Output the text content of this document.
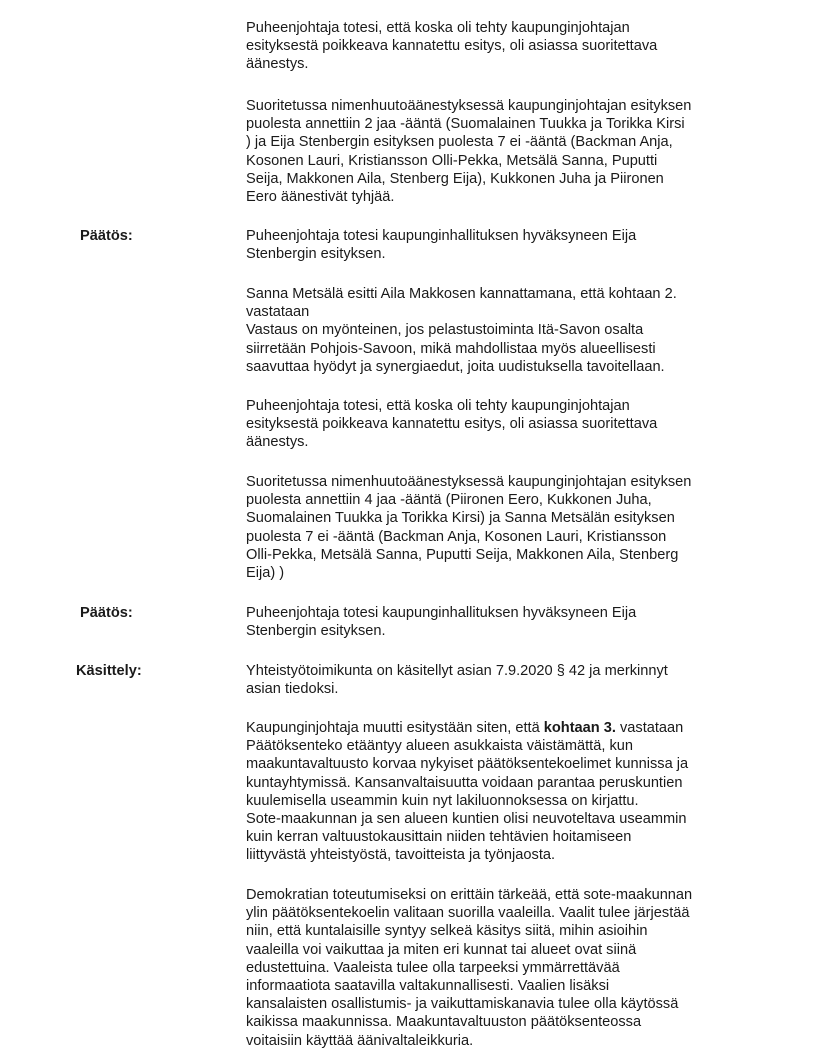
Puheenjohtaja totesi, että koska oli tehty kaupunginjohtajan
esityksestä poikkeava kannatettu esitys, oli asiassa suoritettava
äänestys.
Suoritetussa nimenhuutoäänestyksessä kaupunginjohtajan esityksen
puolesta annettiin 2 jaa -ääntä (Suomalainen Tuukka ja Torikka Kirsi
) ja Eija Stenbergin esityksen puolesta 7 ei -ääntä (Backman Anja,
Kosonen Lauri, Kristiansson Olli-Pekka, Metsälä Sanna, Puputti
Seija, Makkonen Aila, Stenberg Eija), Kukkonen Juha ja Piironen
Eero äänestivät tyhjää.
Päätös:	Puheenjohtaja totesi kaupunginhallituksen hyväksyneen Eija
Stenbergin esityksen.
Sanna Metsälä esitti Aila Makkosen kannattamana, että kohtaan 2.
vastataan
Vastaus on myönteinen, jos pelastustoiminta Itä-Savon osalta
siirretään Pohjois-Savoon, mikä mahdollistaa myös alueellisesti
saavuttaa hyödyt ja synergiaedut, joita uudistuksella tavoitellaan.
Puheenjohtaja totesi, että koska oli tehty kaupunginjohtajan
esityksestä poikkeava kannatettu esitys, oli asiassa suoritettava
äänestys.
Suoritetussa nimenhuutoäänestyksessä kaupunginjohtajan esityksen
puolesta annettiin 4 jaa -ääntä (Piironen Eero, Kukkonen Juha,
Suomalainen Tuukka ja Torikka Kirsi) ja Sanna Metsälän esityksen
puolesta 7 ei -ääntä (Backman Anja, Kosonen Lauri, Kristiansson
Olli-Pekka, Metsälä Sanna, Puputti Seija, Makkonen Aila, Stenberg
Eija) )
Päätös:	Puheenjohtaja totesi kaupunginhallituksen hyväksyneen Eija
Stenbergin esityksen.
Käsittely:	Yhteistyötoimikunta on käsitellyt asian 7.9.2020 § 42 ja merkinnyt
asian tiedoksi.
Kaupunginjohtaja muutti esitystään siten, että kohtaan 3. vastataan
Päätöksenteko etääntyy alueen asukkaista väistämättä, kun
maakuntavaltuusto korvaa nykyiset päätöksentekoelimet kunnissa ja
kuntayhtymissä. Kansanvaltaisuutta voidaan parantaa peruskuntien
kuulemisella useammin kuin nyt lakiluonnoksessa on kirjattu.
Sote-maakunnan ja sen alueen kuntien olisi neuvoteltava useammin
kuin kerran valtuustokausittain niiden tehtävien hoitamiseen
liittyvästä yhteistyöstä, tavoitteista ja työnjaosta.
Demokratian toteutumiseksi on erittäin tärkeää, että sote-maakunnan
ylin päätöksentekoelin valitaan suorilla vaaleilla. Vaalit tulee järjestää
niin, että kuntalaisille syntyy selkeä käsitys siitä, mihin asioihin
vaaleilla voi vaikuttaa ja miten eri kunnat tai alueet ovat siinä
edustettuina. Vaaleista tulee olla tarpeeksi ymmärrettävää
informaatiota saatavilla valtakunnallisesti. Vaalien lisäksi
kansalaisten osallistumis- ja vaikuttamiskanavia tulee olla käytössä
kaikissa maakunnissa. Maakuntavaltuuston päätöksenteossa
voitaisiin käyttää äänivaltaleikkuria.
